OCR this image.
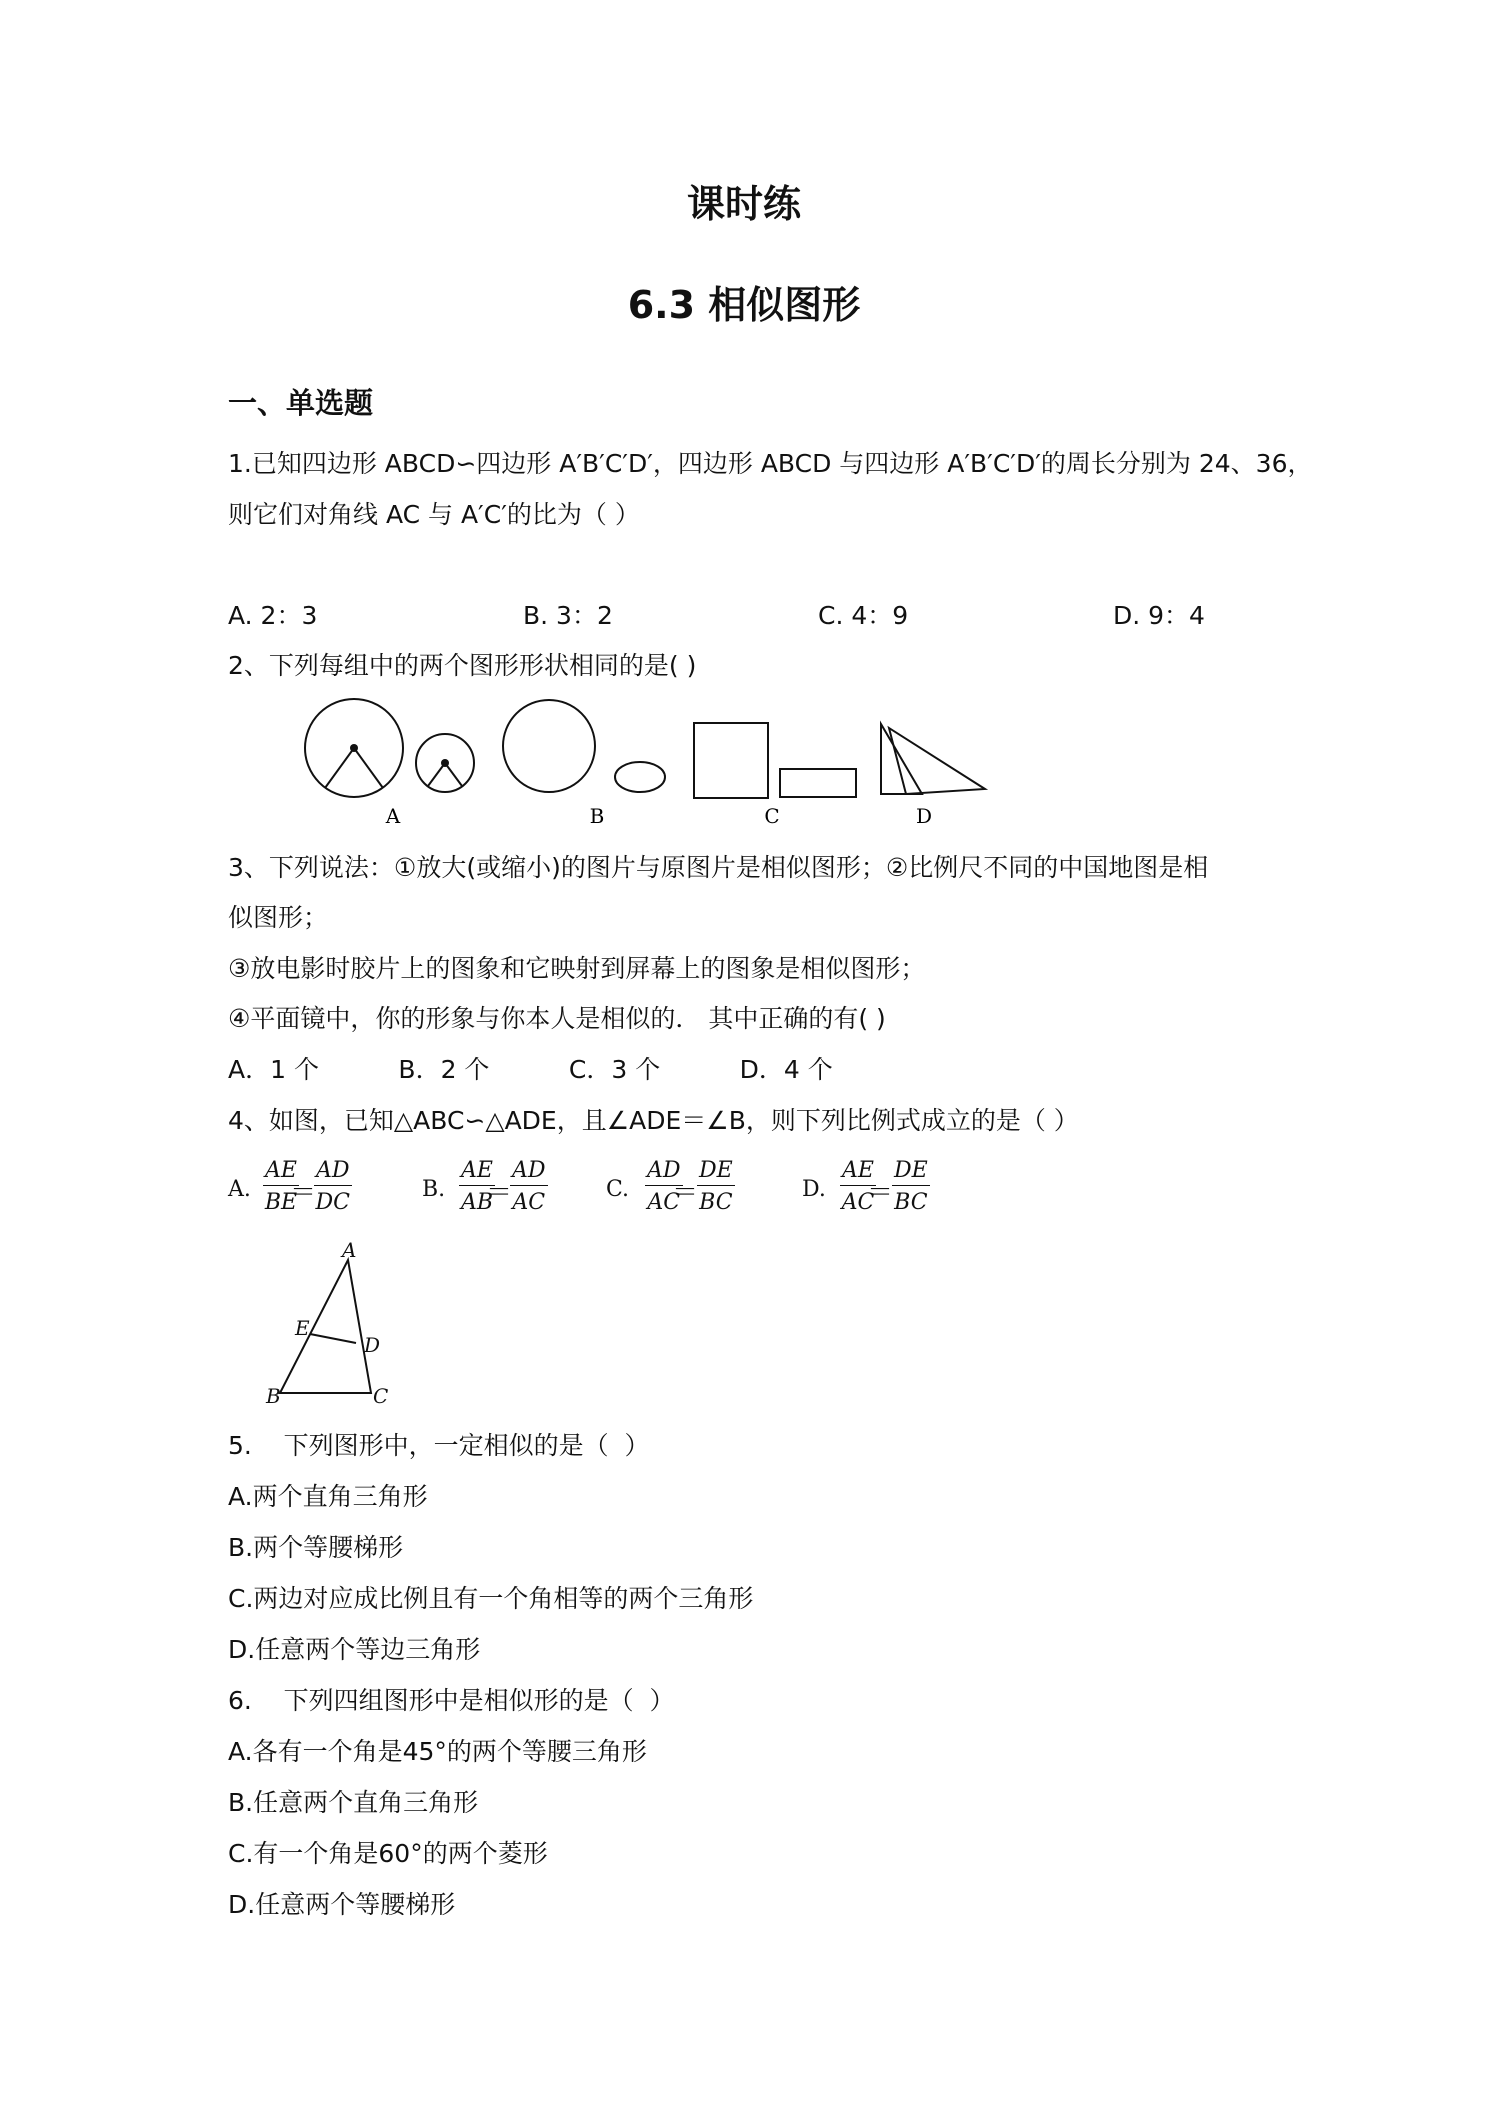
课时练
6.3 相似图形
一、单选题
1.已知四边形 ABCD∽四边形 A′B′C′D′，四边形 ABCD 与四边形 A′B′C′D′的周长分别为 24、36，
则它们对角线 AC 与 A′C′的比为（ ）
A. 2：3	B. 3：2	C. 4：9	D. 9：4
2、下列每组中的两个图形形状相同的是( )
A	B	C	D
3、下列说法：①放大(或缩小)的图片与原图片是相似图形；②比例尺不同的中国地图是相
似图形；
③放电影时胶片上的图象和它映射到屏幕上的图象是相似图形；
④平面镜中，你的形象与你本人是相似的． 其中正确的有( )
A．1 个          B．2 个          C．3 个          D．4 个
4、如图，已知△ABC∽△ADE，且∠ADE＝∠B，则下列比例式成立的是（ ）
A. $\frac{AE}{BE}$
＝
$\frac{AD}{DC}$	B. $\frac{AE}{AB}$
＝
$\frac{AD}{AC}$	C. $\frac{AD}{AC}$
＝
$\frac{DE}{BC}$	D. $\frac{AE}{AC}$
＝
$\frac{DE}{BC}$
A
E
D
B	C
5.    下列图形中，一定相似的是（  ）
A.两个直角三角形
B.两个等腰梯形
C.两边对应成比例且有一个角相等的两个三角形
D.任意两个等边三角形
6.    下列四组图形中是相似形的是（  ）
A.各有一个角是45°的两个等腰三角形
B.任意两个直角三角形
C.有一个角是60°的两个菱形
D.任意两个等腰梯形
